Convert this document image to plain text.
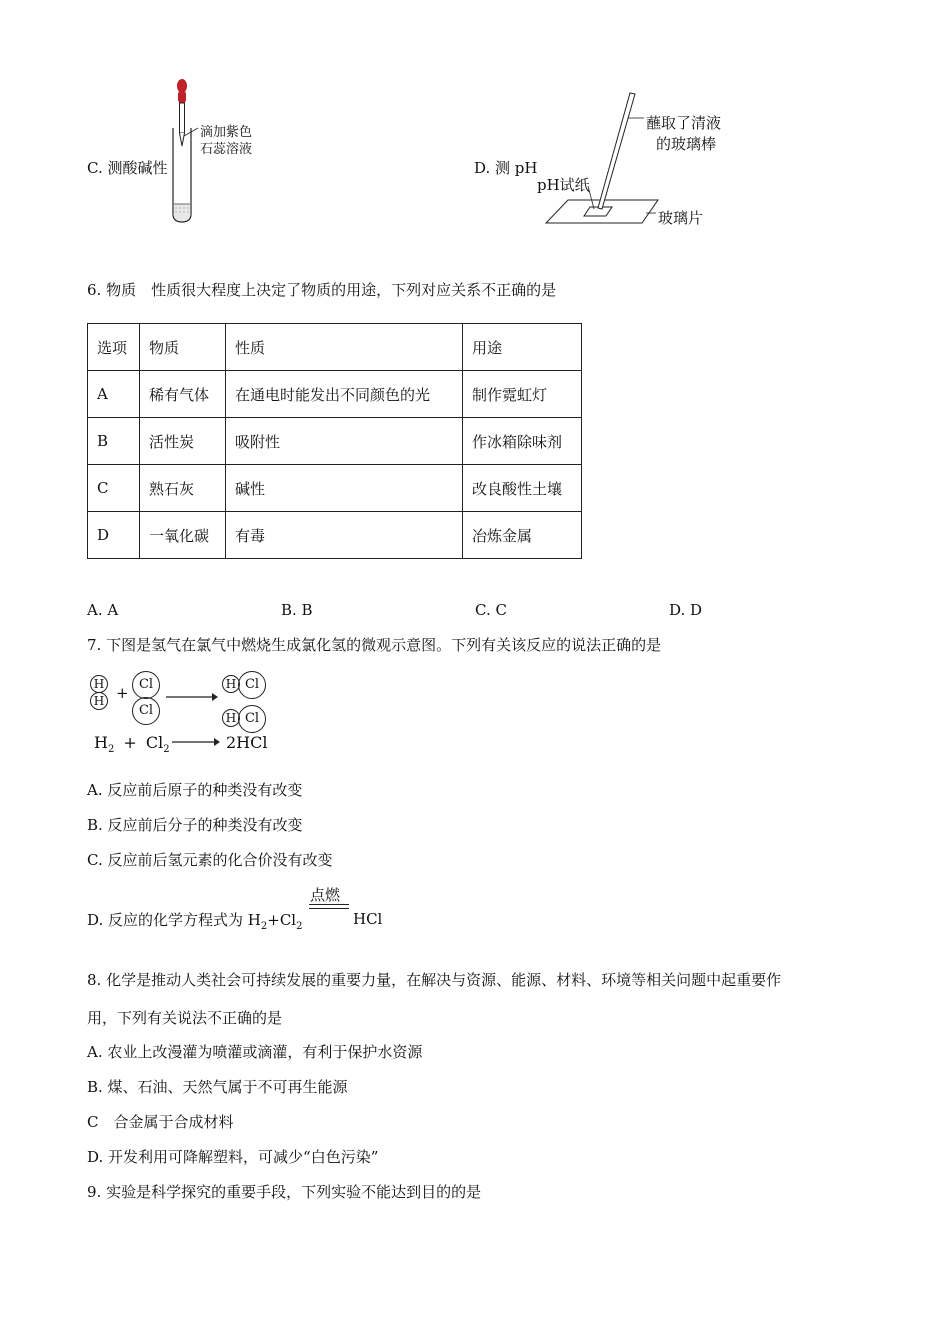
C. 测酸碱性
滴加紫色
石蕊溶液
D. 测 pH
蘸取了清液
的玻璃棒
pH试纸
玻璃片
6. 物质　性质很大程度上决定了物质的用途，下列对应关系不正确的是
选项	物质	性质	用途
A	稀有气体	在通电时能发出不同颜色的光	制作霓虹灯
B	活性炭	吸附性	作冰箱除味剂
C	熟石灰	碱性	改良酸性土壤
D	一氧化碳	有毒	冶炼金属
A. A	B. B	C. C	D. D
7. 下图是氢气在氯气中燃烧生成氯化氢的微观示意图。下列有关该反应的说法正确的是
H
H + Cl
Cl
H Cl
H Cl
$H_2 + Cl_2$	2HCl
A. 反应前后原子的种类没有改变
B. 反应前后分子的种类没有改变
C. 反应前后氢元素的化合价没有改变
D. 反应的化学方程式为 $H_2+Cl_2$
点燃
HCl
8. 化学是推动人类社会可持续发展的重要力量，在解决与资源、能源、材料、环境等相关问题中起重要作
用，下列有关说法不正确的是
A. 农业上改漫灌为喷灌或滴灌，有利于保护水资源
B. 煤、石油、天然气属于不可再生能源
C　合金属于合成材料
D. 开发利用可降解塑料，可减少“白色污染”
9. 实验是科学探究的重要手段，下列实验不能达到目的的是
